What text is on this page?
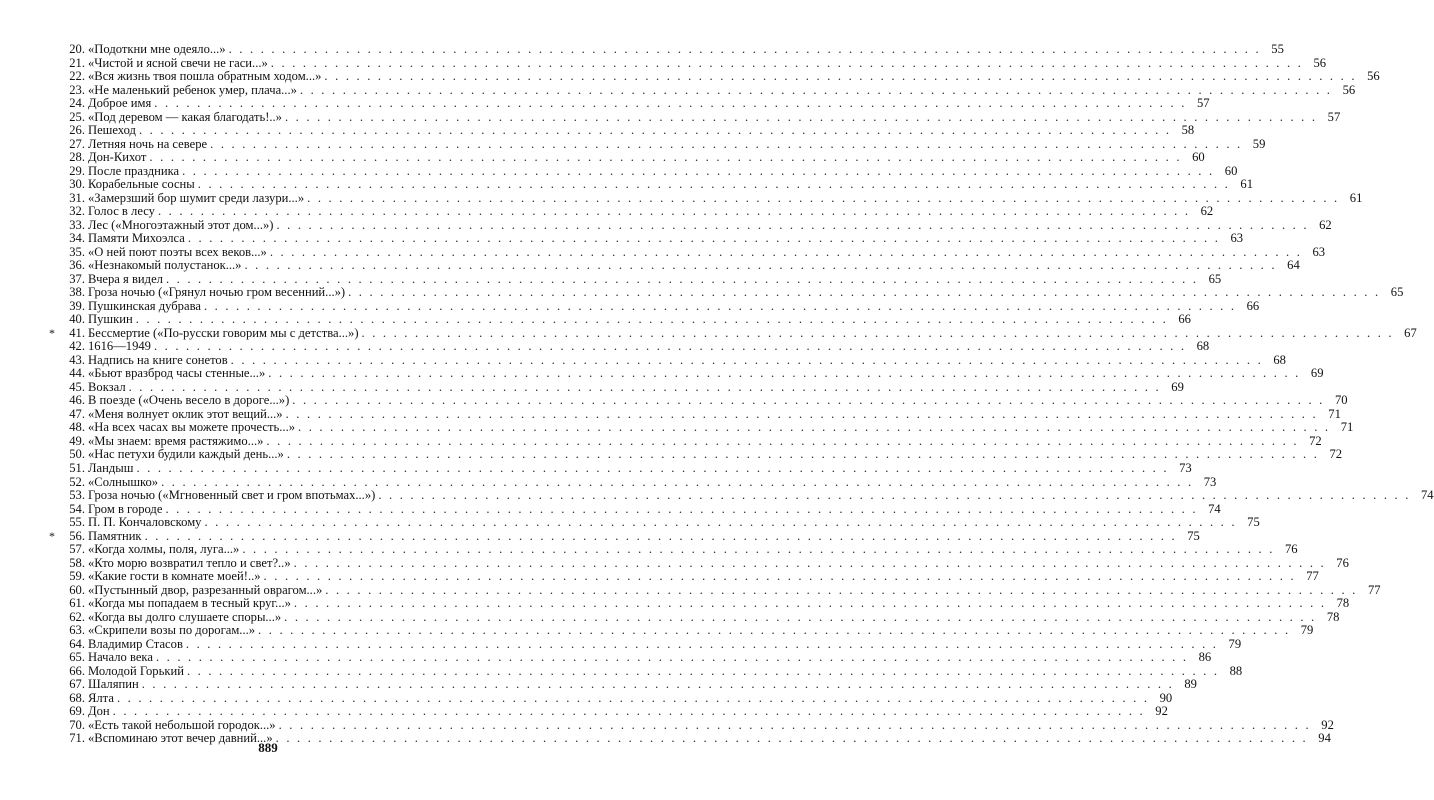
20. «Подоткни мне одеяло...» . . .	55
21. «Чистой и ясной свечи не гаси...» . . .	56
22. «Вся жизнь твоя пошла обратным ходом...» . . .	56
23. «Не маленький ребенок умер, плача...» . . .	56
24. Доброе имя . . .	57
25. «Под деревом — какая благодать!..» . . .	57
26. Пешеход . . .	58
27. Летняя ночь на севере . . .	59
28. Дон-Кихот . . .	60
29. После праздника . . .	60
30. Корабельные сосны . . .	61
31. «Замерзший бор шумит среди лазури...» . . .	61
32. Голос в лесу . . .	62
33. Лес («Многоэтажный этот дом...») . . .	62
34. Памяти Михоэлса . . .	63
35. «О ней поют поэты всех веков...» . . .	63
36. «Незнакомый полустанок...» . . .	64
37. Вчера я видел . . .	65
38. Гроза ночью («Грянул ночью гром весенний...») . . .	65
39. Пушкинская дубрава . . .	66
40. Пушкин . . .	66
*	41. Бессмертие («По-русски говорим мы с детства...») . . .	67
42. 1616—1949 . . .	68
43. Надпись на книге сонетов . . .	68
44. «Бьют вразброд часы стенные...» . . .	69
45. Вокзал . . .	69
46. В поезде («Очень весело в дороге...») . . .	70
47. «Меня волнует оклик этот вещий...» . . .	71
48. «На всех часах вы можете прочесть...» . . .	71
49. «Мы знаем: время растяжимо...» . . .	72
50. «Нас петухи будили каждый день...» . . .	72
51. Ландыш . . .	73
52. «Солнышко» . . .	73
53. Гроза ночью («Мгновенный свет и гром впотьмах...») . . .	74
54. Гром в городе . . .	74
55. П. П. Кончаловскому . . .	75
*	56. Памятник . . .	75
57. «Когда холмы, поля, луга...» . . .	76
58. «Кто морю возвратил тепло и свет?..» . . .	76
59. «Какие гости в комнате моей!..» . . .	77
60. «Пустынный двор, разрезанный оврагом...» . . .	77
61. «Когда мы попадаем в тесный круг...» . . .	78
62. «Когда вы долго слушаете споры...» . . .	78
63. «Скрипели возы по дорогам...» . . .	79
64. Владимир Стасов . . .	79
65. Начало века . . .	86
66. Молодой Горький . . .	88
67. Шаляпин . . .	89
68. Ялта . . .	90
69. Дон . . .	92
70. «Есть такой небольшой городок...» . . .	92
71. «Вспоминаю этот вечер давний...» . . .	94
889
